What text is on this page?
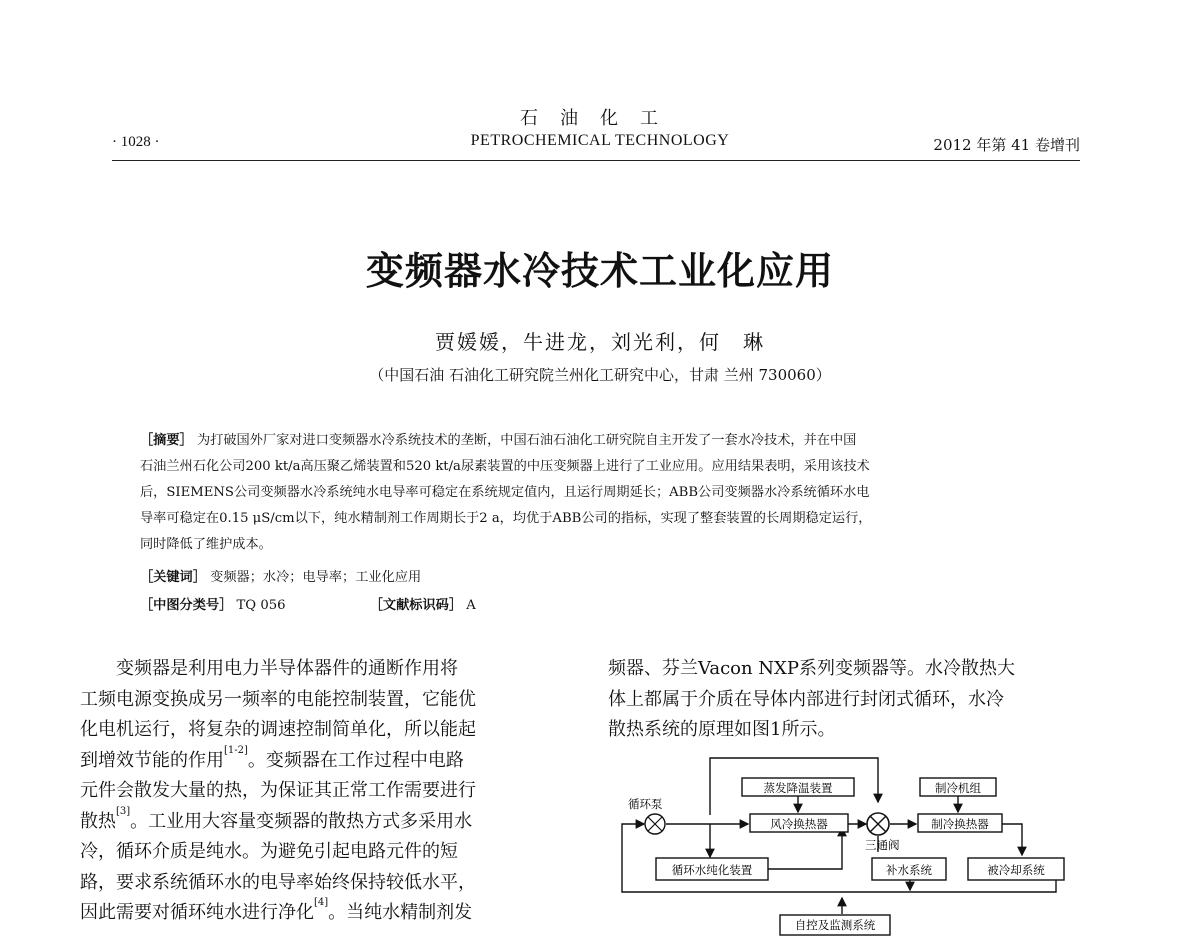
石油化工
PETROCHEMICAL TECHNOLOGY
· 1028 ·	2012 年第 41 卷增刊
变频器水冷技术工业化应用
贾媛媛，牛进龙，刘光利，何　琳
（中国石油 石油化工研究院兰州化工研究中心，甘肃 兰州 730060）
［摘要］ 为打破国外厂家对进口变频器水冷系统技术的垄断，中国石油石油化工研究院自主开发了一套水冷技术，并在中国
石油兰州石化公司200 kt/a高压聚乙烯装置和520 kt/a尿素装置的中压变频器上进行了工业应用。应用结果表明，采用该技术
后，SIEMENS公司变频器水冷系统纯水电导率可稳定在系统规定值内，且运行周期延长；ABB公司变频器水冷系统循环水电
导率可稳定在0.15 μS/cm以下，纯水精制剂工作周期长于2 a，均优于ABB公司的指标，实现了整套装置的长周期稳定运行，
同时降低了维护成本。
［关键词］ 变频器；水冷；电导率；工业化应用
［中图分类号］ TQ 056	［文献标识码］ A
变频器是利用电力半导体器件的通断作用将
工频电源变换成另一频率的电能控制装置，它能优
化电机运行，将复杂的调速控制简单化，所以能起
到增效节能的作用[1-2]。变频器在工作过程中电路
元件会散发大量的热，为保证其正常工作需要进行
散热[3]。工业用大容量变频器的散热方式多采用水
冷，循环介质是纯水。为避免引起电路元件的短
路，要求系统循环水的电导率始终保持较低水平，
因此需要对循环纯水进行净化[4]。当纯水精制剂发
频器、芬兰Vacon NXP系列变频器等。水冷散热大
体上都属于介质在导体内部进行封闭式循环，水冷
散热系统的原理如图1所示。
循环泵
蒸发降温装置
风冷换热器
三通阀
制冷机组
制冷换热器
循环水纯化装置	补水系统	被冷却系统
自控及监测系统
